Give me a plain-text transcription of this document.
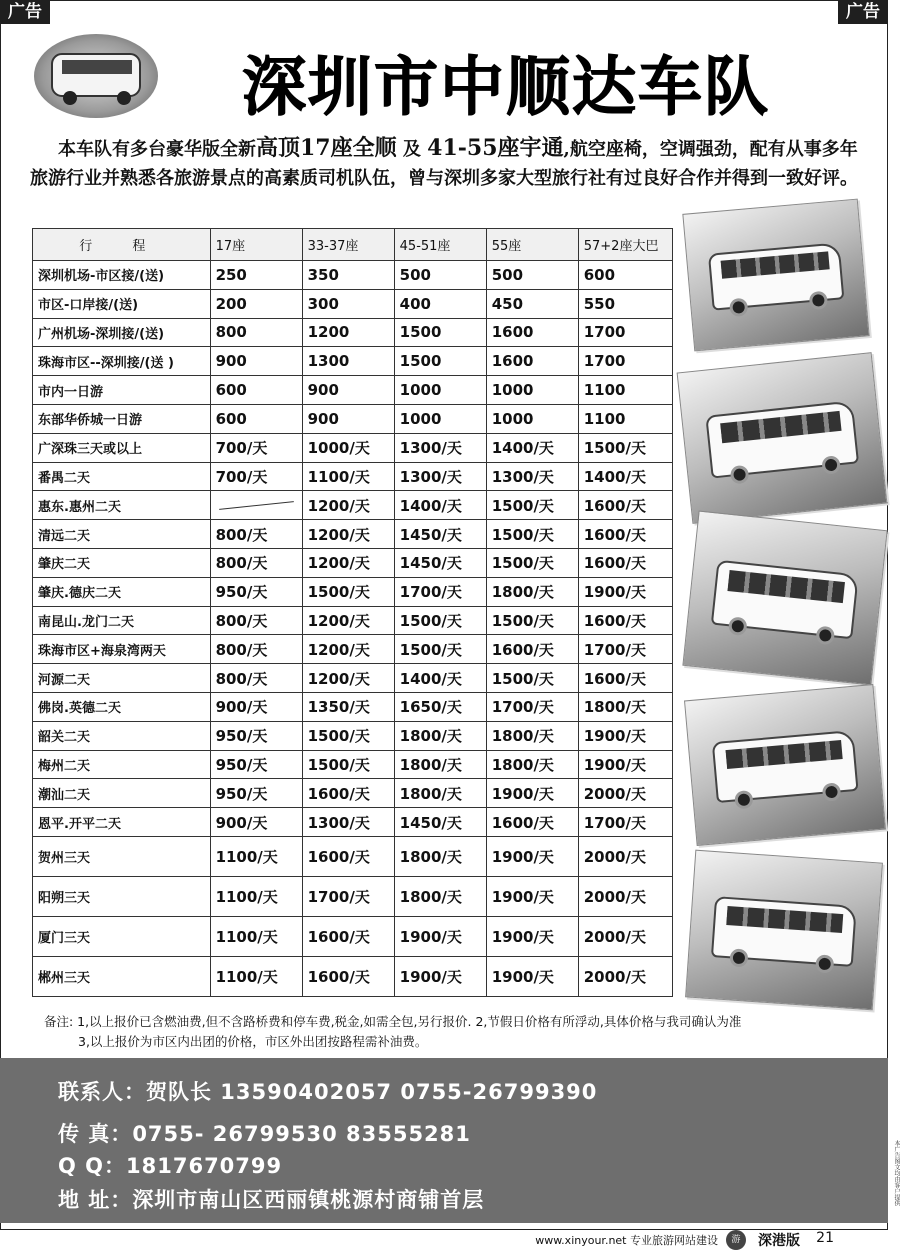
广告	广告
深圳市中顺达车队
本车队有多台豪华版全新高顶17座全顺 及 41-55座宇通,航空座椅，空调强劲，配有从事多年旅游行业并熟悉各旅游景点的高素质司机队伍，曾与深圳多家大型旅行社有过良好合作并得到一致好评。
行 程	17座	33-37座	45-51座	55座	57+2座大巴
深圳机场-市区接/(送)	250	350	500	500	600
市区-口岸接/(送)	200	300	400	450	550
广州机场-深圳接/(送)	800	1200	1500	1600	1700
珠海市区--深圳接/(送 )	900	1300	1500	1600	1700
市内一日游	600	900	1000	1000	1100
东部华侨城一日游	600	900	1000	1000	1100
广深珠三天或以上	700/天	1000/天	1300/天	1400/天	1500/天
番禺二天	700/天	1100/天	1300/天	1300/天	1400/天
惠东.惠州二天		1200/天	1400/天	1500/天	1600/天
清远二天	800/天	1200/天	1450/天	1500/天	1600/天
肇庆二天	800/天	1200/天	1450/天	1500/天	1600/天
肇庆.德庆二天	950/天	1500/天	1700/天	1800/天	1900/天
南昆山.龙门二天	800/天	1200/天	1500/天	1500/天	1600/天
珠海市区+海泉湾两天	800/天	1200/天	1500/天	1600/天	1700/天
河源二天	800/天	1200/天	1400/天	1500/天	1600/天
佛岗.英德二天	900/天	1350/天	1650/天	1700/天	1800/天
韶关二天	950/天	1500/天	1800/天	1800/天	1900/天
梅州二天	950/天	1500/天	1800/天	1800/天	1900/天
潮汕二天	950/天	1600/天	1800/天	1900/天	2000/天
恩平.开平二天	900/天	1300/天	1450/天	1600/天	1700/天
贺州三天	1100/天	1600/天	1800/天	1900/天	2000/天
阳朔三天	1100/天	1700/天	1800/天	1900/天	2000/天
厦门三天	1100/天	1600/天	1900/天	1900/天	2000/天
郴州三天	1100/天	1600/天	1900/天	1900/天	2000/天
备注: 1,以上报价已含燃油费,但不含路桥费和停车费,税金,如需全包,另行报价. 2,节假日价格有所浮动,具体价格与我司确认为准
3,以上报价为市区内出团的价格，市区外出团按路程需补油费。
联系人：贺队长 13590402057 0755-26799390
传 真：0755- 26799530 83555281
Q Q：1817670799
地 址：深圳市南山区西丽镇桃源村商铺首层	本广告图文均由客户提供
www.xinyour.net 专业旅游网站建设	游	深港版 21
